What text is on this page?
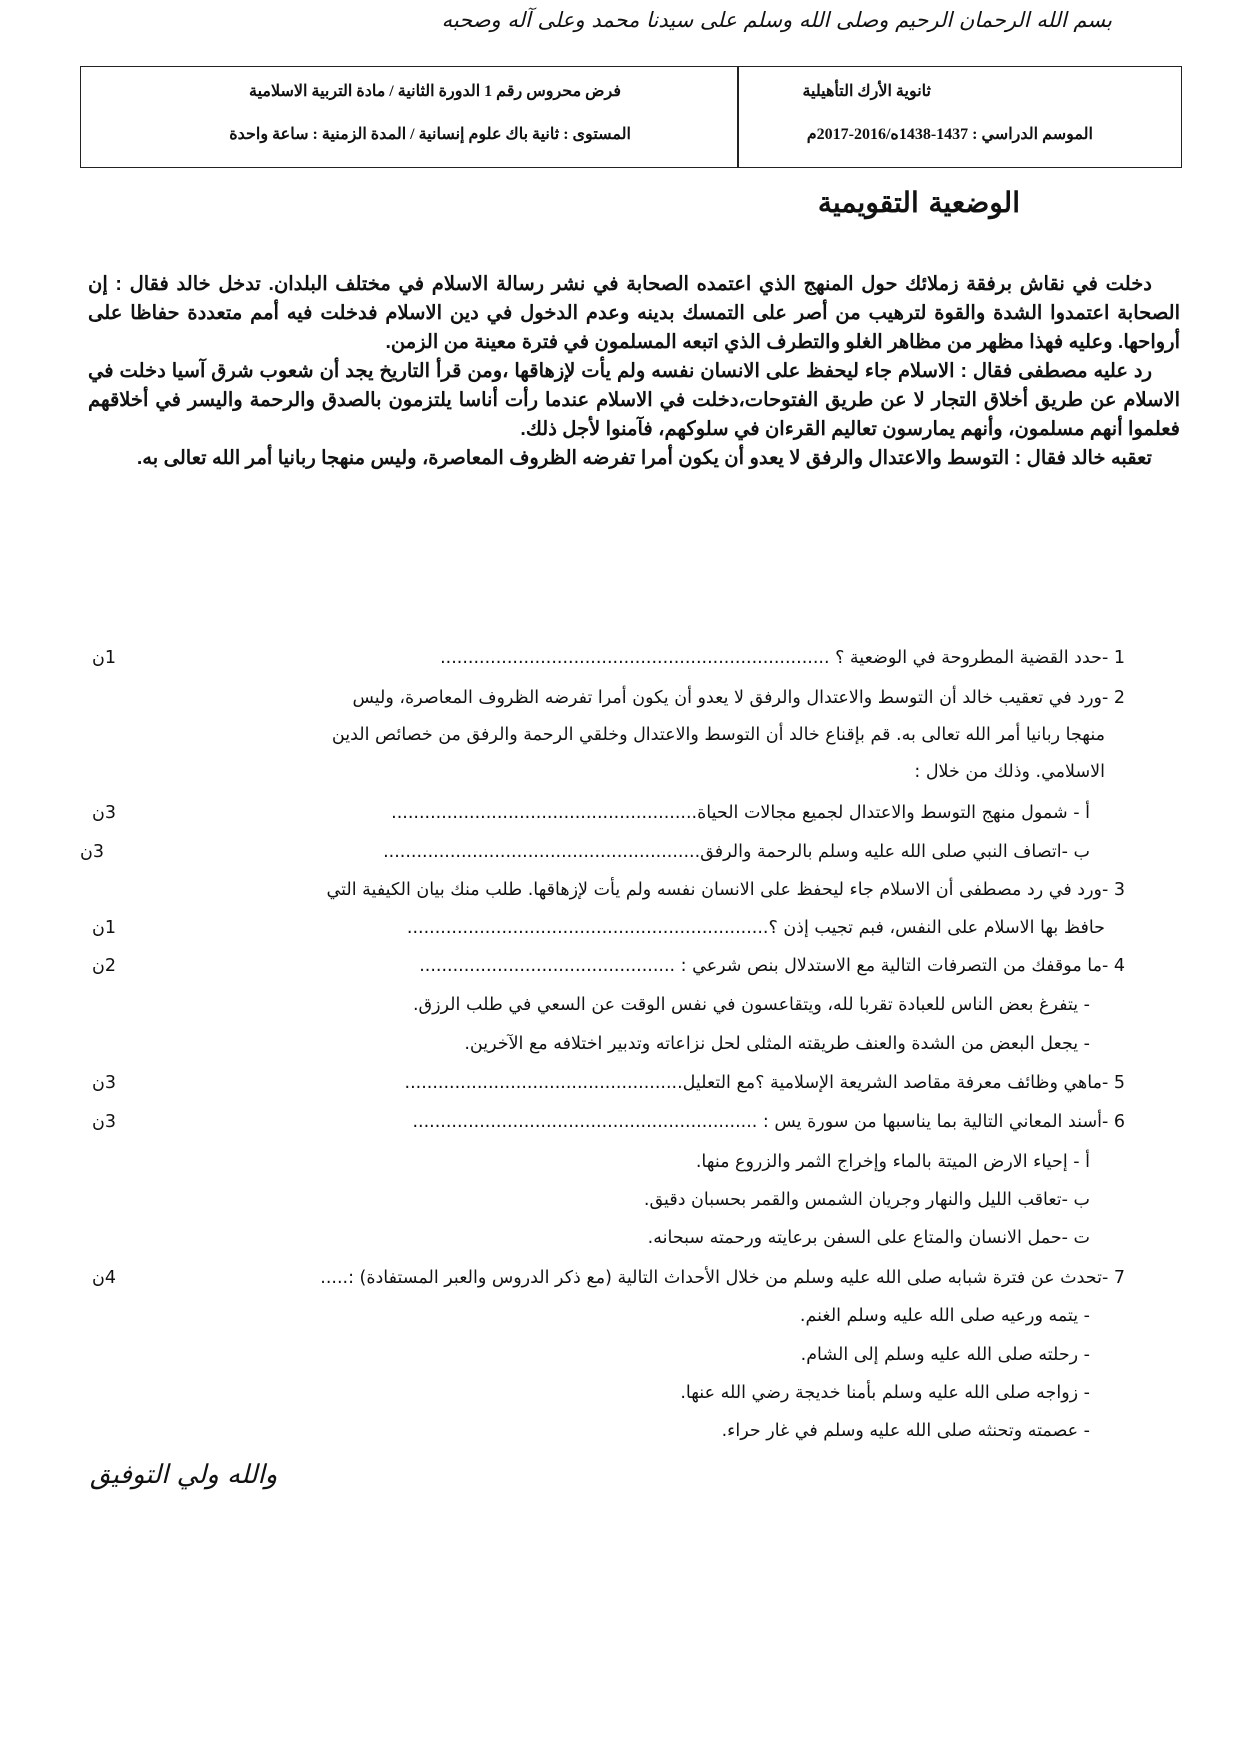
بسم الله الرحمان الرحيم وصلى الله وسلم على سيدنا محمد وعلى آله وصحبه
ثانوية الأرك التأهيلية
الموسم الدراسي : 1437-1438ه/2016-2017م
فرض محروس رقم 1 الدورة الثانية / مادة التربية الاسلامية
المستوى : ثانية باك علوم إنسانية / المدة الزمنية : ساعة واحدة
الوضعية التقويمية

دخلت في نقاش برفقة زملائك حول المنهج الذي اعتمده الصحابة في نشر رسالة الاسلام في مختلف البلدان. تدخل خالد فقال : إن الصحابة اعتمدوا الشدة والقوة لترهيب من أصر على التمسك بدينه وعدم الدخول في دين الاسلام فدخلت فيه أمم متعددة حفاظا على أرواحها. وعليه فهذا مظهر من مظاهر الغلو والتطرف الذي اتبعه المسلمون في فترة معينة من الزمن.

رد عليه مصطفى فقال : الاسلام جاء ليحفظ على الانسان نفسه ولم يأت لإزهاقها ،ومن قرأ التاريخ يجد أن شعوب شرق آسيا دخلت في الاسلام عن طريق أخلاق التجار لا عن طريق الفتوحات،دخلت في الاسلام عندما رأت أناسا يلتزمون بالصدق والرحمة واليسر في أخلاقهم فعلموا أنهم مسلمون، وأنهم يمارسون تعاليم القرءان في سلوكهم، فآمنوا لأجل ذلك.

تعقبه خالد فقال : التوسط والاعتدال والرفق لا يعدو أن يكون أمرا تفرضه الظروف المعاصرة، وليس منهجا ربانيا أمر الله تعالى به.

1 -حدد القضية المطروحة في الوضعية ؟ ......................................................................
1ن
2 -ورد في تعقيب خالد أن التوسط والاعتدال والرفق لا يعدو أن يكون أمرا تفرضه الظروف المعاصرة، وليس
منهجا ربانيا أمر الله تعالى به. قم بإقناع خالد أن التوسط والاعتدال وخلقي الرحمة والرفق من خصائص الدين
الاسلامي. وذلك من خلال :
أ - شمول منهج التوسط والاعتدال لجميع مجالات الحياة.......................................................
3ن
ب -اتصاف النبي صلى الله عليه وسلم بالرحمة والرفق.........................................................
3ن
3 -ورد في رد مصطفى أن الاسلام جاء ليحفظ على الانسان نفسه ولم يأت لإزهاقها. طلب منك بيان الكيفية التي
حافظ بها الاسلام على النفس، فبم تجيب إذن ؟.................................................................
1ن
4 -ما موقفك من التصرفات التالية مع الاستدلال بنص شرعي : ..............................................
2ن
- يتفرغ بعض الناس للعبادة تقربا لله، ويتقاعسون في نفس الوقت عن السعي في طلب الرزق.
- يجعل البعض من الشدة والعنف طريقته المثلى لحل نزاعاته وتدبير اختلافه مع الآخرين.
5 -ماهي وظائف معرفة مقاصد الشريعة الإسلامية ؟مع التعليل..................................................
3ن
6 -أسند المعاني التالية بما يناسبها من سورة يس : ..............................................................
3ن
أ - إحياء الارض الميتة بالماء وإخراج الثمر والزروع منها.
ب -تعاقب الليل والنهار وجريان الشمس والقمر بحسبان دقيق.
ت -حمل الانسان والمتاع على السفن برعايته ورحمته سبحانه.
7 -تحدث عن فترة شبابه صلى الله عليه وسلم من خلال الأحداث التالية (مع ذكر الدروس والعبر المستفادة) :.....
4ن
- يتمه ورعيه صلى الله عليه وسلم الغنم.
- رحلته صلى الله عليه وسلم إلى الشام.
- زواجه صلى الله عليه وسلم بأمنا خديجة رضي الله عنها.
- عصمته وتحنثه صلى الله عليه وسلم في غار حراء.
والله ولي التوفيق
